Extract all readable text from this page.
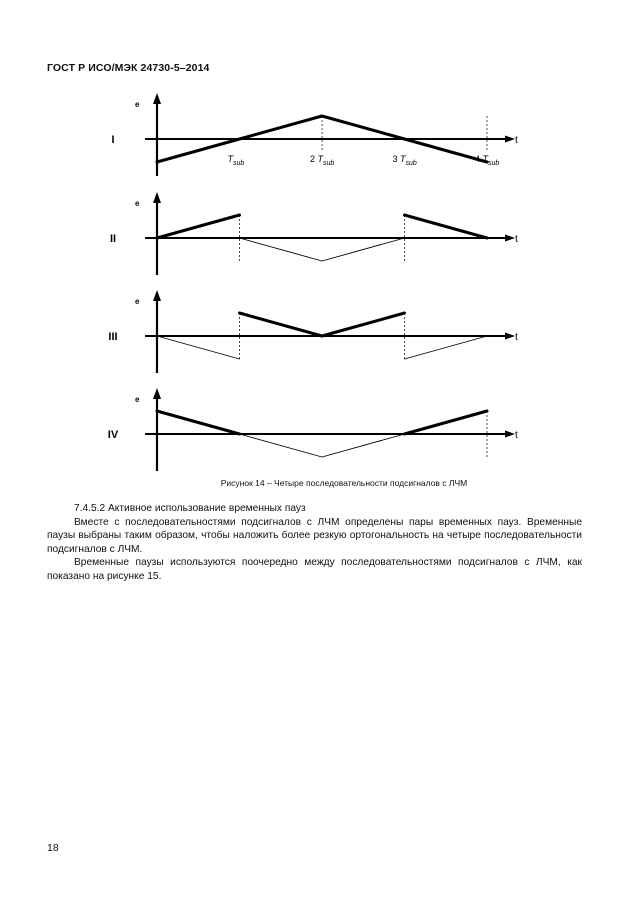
ГОСТ Р ИСО/МЭК 24730-5–2014
e
t
I
e
t
II
e
t
III
e
t
IV
$T_{sub}$	2 $T_{sub}$	3 $T_{sub}$	4 $T_{sub}$
Рисунок 14 – Четыре последовательности подсигналов с ЛЧМ

7.4.5.2 Активное использование временных пауз

Вместе с последовательностями подсигналов с ЛЧМ определены пары временных пауз. Временные паузы выбраны таким образом, чтобы наложить более резкую ортогональность на четыре последовательности подсигналов с ЛЧМ.

Временные паузы используются поочередно между последовательностями подсигналов с ЛЧМ, как показано на рисунке 15.

18
